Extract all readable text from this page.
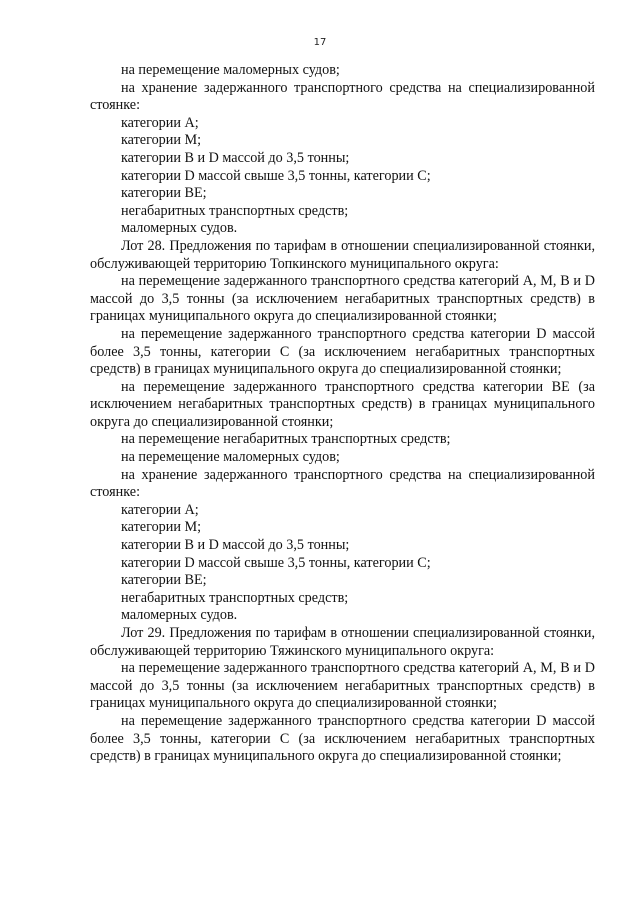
17

на перемещение маломерных судов;

на хранение задержанного транспортного средства на специализированной стоянке:

категории A;

категории M;

категории B и D массой до 3,5 тонны;

категории D массой свыше 3,5 тонны, категории C;

категории BE;

негабаритных транспортных средств;

маломерных судов.

Лот 28. Предложения по тарифам в отношении специализированной стоянки, обслуживающей территорию Топкинского муниципального округа:

на перемещение задержанного транспортного средства категорий A, M, B и D массой до 3,5 тонны (за исключением негабаритных транспортных средств) в границах муниципального округа до специализированной стоянки;

на перемещение задержанного транспортного средства категории D массой более 3,5 тонны, категории C (за исключением негабаритных транспортных средств) в границах муниципального округа до специализированной стоянки;

на перемещение задержанного транспортного средства категории BE (за исключением негабаритных транспортных средств) в границах муниципального округа до специализированной стоянки;

на перемещение негабаритных транспортных средств;

на перемещение маломерных судов;

на хранение задержанного транспортного средства на специализированной стоянке:

категории A;

категории M;

категории B и D массой до 3,5 тонны;

категории D массой свыше 3,5 тонны, категории C;

категории BE;

негабаритных транспортных средств;

маломерных судов.

Лот 29. Предложения по тарифам в отношении специализированной стоянки, обслуживающей территорию Тяжинского муниципального округа:

на перемещение задержанного транспортного средства категорий A, M, B и D массой до 3,5 тонны (за исключением негабаритных транспортных средств) в границах муниципального округа до специализированной стоянки;

на перемещение задержанного транспортного средства категории D массой более 3,5 тонны, категории C (за исключением негабаритных транспортных средств) в границах муниципального округа до специализированной стоянки;
